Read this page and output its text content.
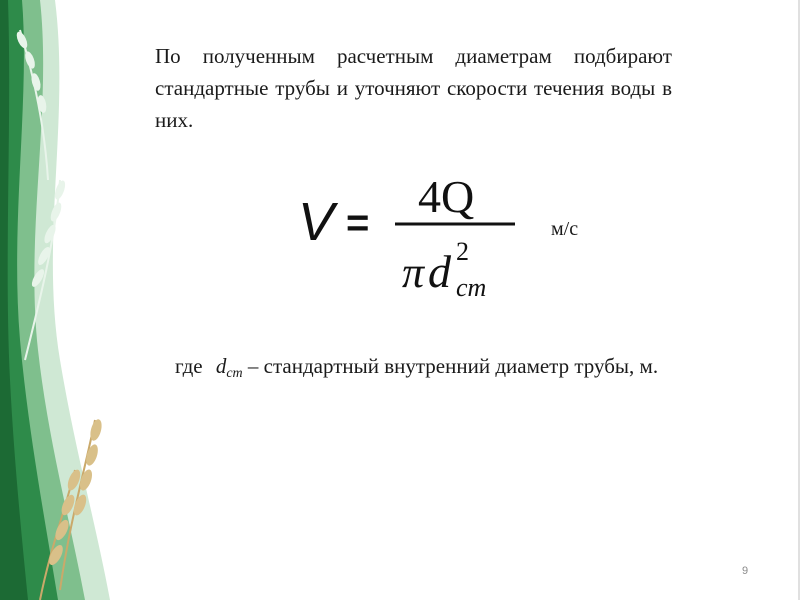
По полученным расчетным диаметрам подбирают стандартные трубы и уточняют скорости течения воды в них.
V =
4Q
π d 2
ст
м/с
где $d_{ст}$ – стандартный внутренний диаметр трубы, м.
9
